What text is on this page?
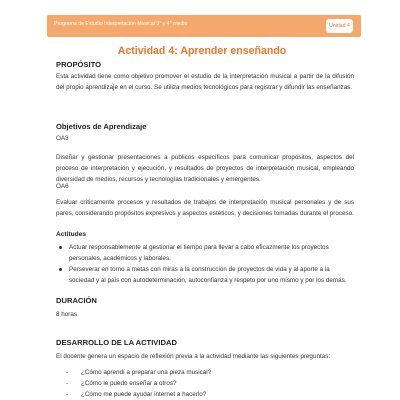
Programa de Estudio Interpretación Musical 3° y 4° medio	Unidad 4
Actividad 4: Aprender enseñando
PROPÓSITO
Esta actividad tiene como objetivo promover el estudio de la interpretación musical a partir de la difusión del propio aprendizaje en el curso. Se utiliza medios tecnológicos para registrar y difundir las enseñanzas.
Objetivos de Aprendizaje
OA3
Diseñar y gestionar presentaciones a públicos específicos para comunicar propósitos, aspectos del proceso de interpretación y ejecución, y resultados de proyectos de interpretación musical, empleando diversidad de medios, recursos y tecnologías tradicionales y emergentes.
OA6
Evaluar críticamente procesos y resultados de trabajos de interpretación musical personales y de sus pares, considerando propósitos expresivos y aspectos estéticos, y decisiones tomadas durante el proceso.
Actitudes
Actuar responsablemente al gestionar el tiempo para llevar a cabo eficazmente los proyectos personales, académicos y laborales.
Perseverar en torno a metas con miras a la construcción de proyectos de vida y al aporte a la sociedad y al país con autodeterminación, autoconfianza y respeto por uno mismo y por los demás.
DURACIÓN
8 horas
DESARROLLO DE LA ACTIVIDAD
El docente genera un espacio de reflexión previa a la actividad mediante las siguientes preguntas:
- ¿Cómo aprendí a preparar una pieza musical?
- ¿Cómo le puedo enseñar a otros?
- ¿Cómo me puede ayudar internet a hacerlo?
